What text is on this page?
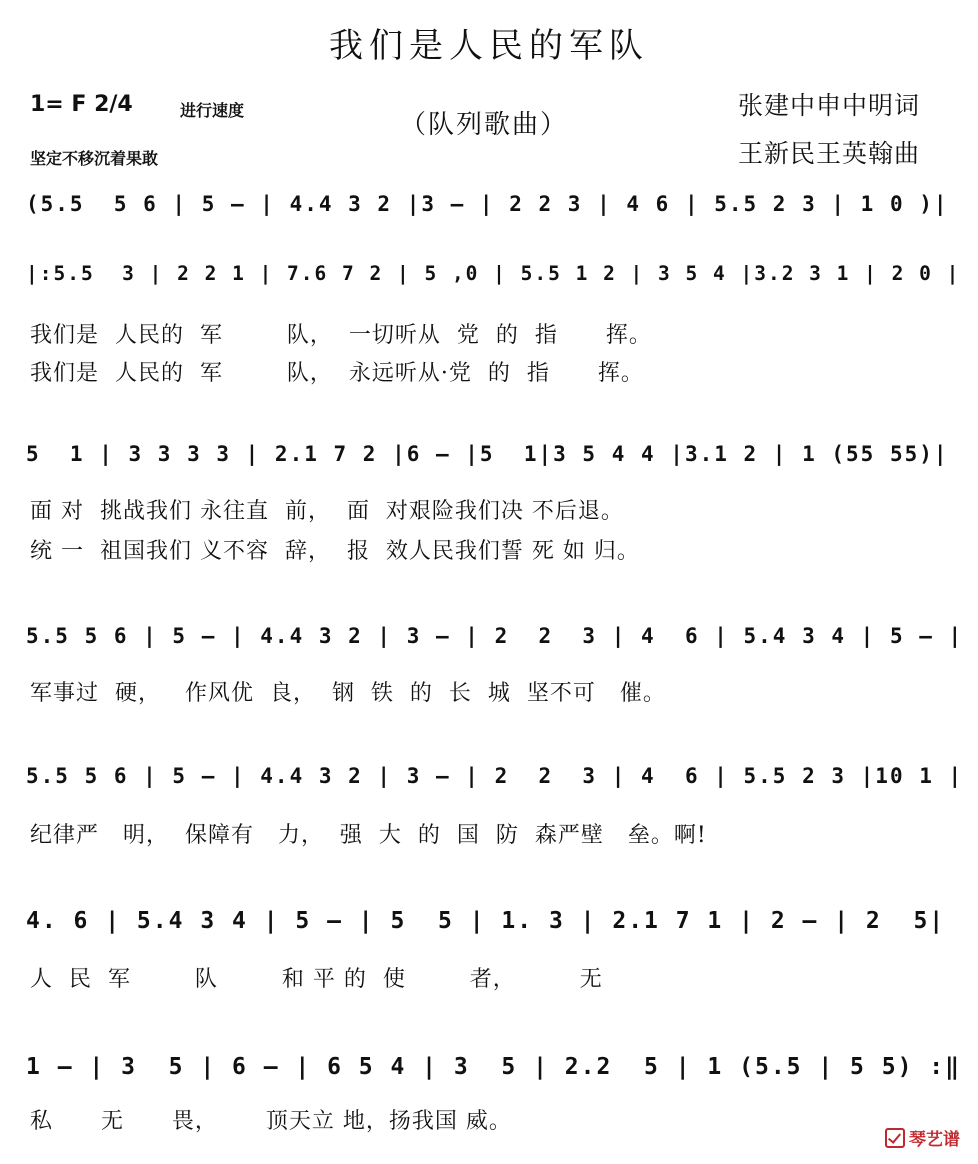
我们是人民的军队
1= F 2/4	进行速度
坚定不移沉着果敢
（队列歌曲）
张建中申中明词
王新民王英翰曲
(5.5  5 6 | 5 — | 4.4 3 2 |3 — | 2 2 3 | 4 6 | 5.5 2 3 | 1 0 )|
|:5.5  3 | 2 2 1 | 7.6 7 2 | 5 ,0 | 5.5 1 2 | 3 5 4 |3.2 3 1 | 2 0 |
我们是  人民的  军        队，  一切听从  党  的  指      挥。
我们是  人民的  军        队，  永远听从·党  的  指      挥。
5  1 | 3 3 3 3 | 2.1 7 2 |6 — |5  1|3 5 4 4 |3.1 2 | 1 (55 55)|
面 对  挑战我们 永往直  前，  面  对艰险我们决 不后退。
统 一  祖国我们 义不容  辞，  报  效人民我们誓 死 如 归。
5.5 5 6 | 5 — | 4.4 3 2 | 3 — | 2  2  3 | 4  6 | 5.4 3 4 | 5 — |
军事过  硬，   作风优  良，  钢  铁  的  长  城  坚不可   催。
5.5 5 6 | 5 — | 4.4 3 2 | 3 — | 2  2  3 | 4  6 | 5.5 2 3 |10 1 |
纪律严   明，  保障有   力，  强  大  的  国  防  森严壁   垒。啊!
4. 6 | 5.4 3 4 | 5 — | 5  5 | 1. 3 | 2.1 7 1 | 2 — | 2  5|
人  民  军        队        和 平 的  使        者，        无
1 — | 3  5 | 6 — | 6 5 4 | 3  5 | 2.2  5 | 1 (5.5 | 5 5) :‖
私      无      畏，      顶天立 地，扬我国 威。

琴艺谱
